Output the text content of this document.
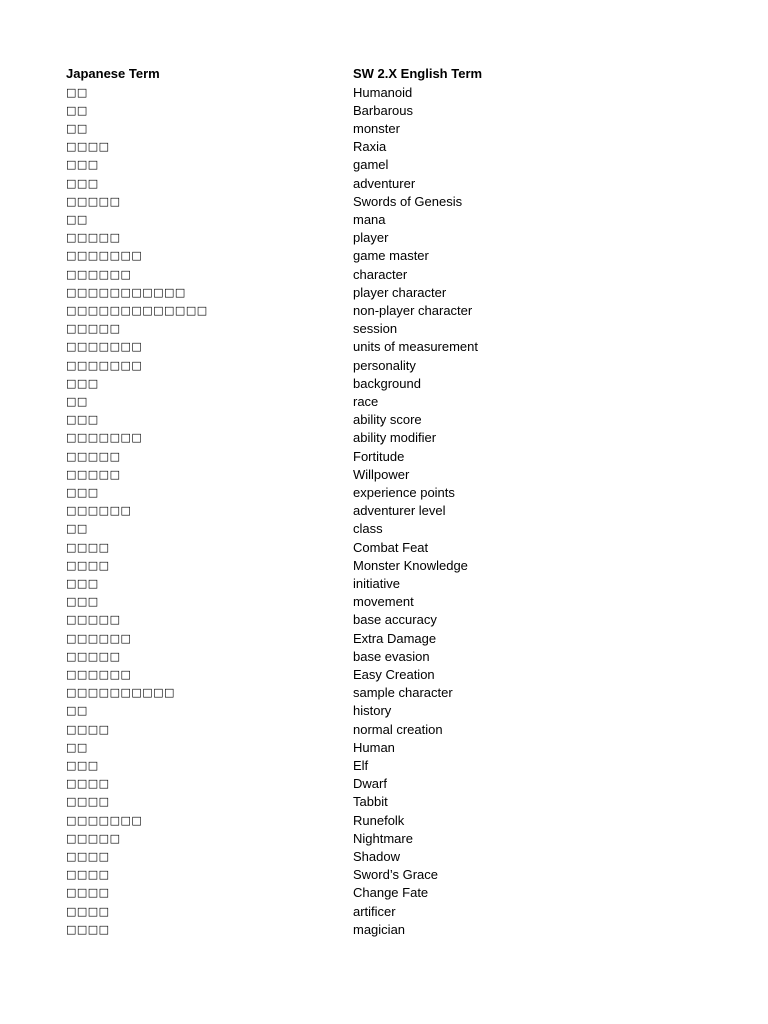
Japanese Term	SW 2.X English Term
□□	Humanoid
□□	Barbarous
□□	monster
□□□□	Raxia
□□□	gamel
□□□	adventurer
□□□□□	Swords of Genesis
□□	mana
□□□□□	player
□□□□□□□	game master
□□□□□□	character
□□□□□□□□□□□	player character
□□□□□□□□□□□□□	non-player character
□□□□□	session
□□□□□□□	units of measurement
□□□□□□□	personality
□□□	background
□□	race
□□□	ability score
□□□□□□□	ability modifier
□□□□□	Fortitude
□□□□□	Willpower
□□□	experience points
□□□□□□	adventurer level
□□	class
□□□□	Combat Feat
□□□□	Monster Knowledge
□□□	initiative
□□□	movement
□□□□□	base accuracy
□□□□□□	Extra Damage
□□□□□	base evasion
□□□□□□	Easy Creation
□□□□□□□□□□	sample character
□□	history
□□□□	normal creation
□□	Human
□□□	Elf
□□□□	Dwarf
□□□□	Tabbit
□□□□□□□	Runefolk
□□□□□	Nightmare
□□□□	Shadow
□□□□	Sword’s Grace
□□□□	Change Fate
□□□□	artificer
□□□□	magician
